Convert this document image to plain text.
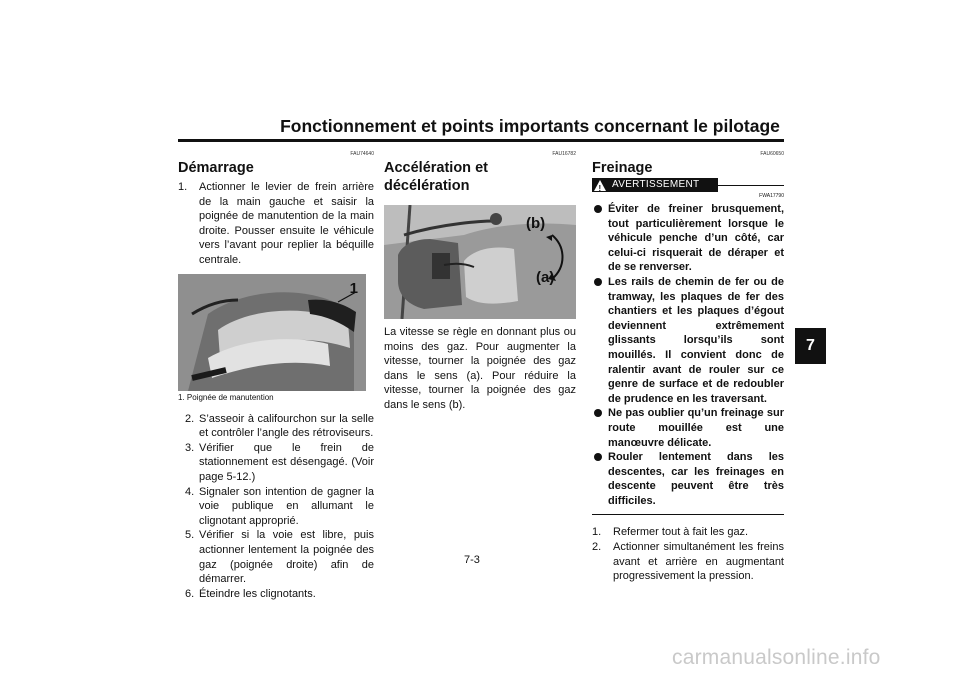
Fonctionnement et points importants concernant le pilotage
7
FAU74640
Démarrage
1. Actionner le levier de frein arrière de la main gauche et saisir la poignée de manutention de la main droite. Pousser ensuite le véhicule vers l’avant pour replier la béquille centrale.
1
1. Poignée de manutention
2. S’asseoir à califourchon sur la selle et contrôler l’angle des rétroviseurs.
3. Vérifier que le frein de stationnement est désengagé. (Voir page 5-12.)
4. Signaler son intention de gagner la voie publique en allumant le clignotant approprié.
5. Vérifier si la voie est libre, puis actionner lentement la poignée des gaz (poignée droite) afin de démarrer.
6. Éteindre les clignotants.
FAU16782
Accélération et décélération
(b)
(a)
La vitesse se règle en donnant plus ou moins des gaz. Pour augmenter la vitesse, tourner la poignée des gaz dans le sens (a). Pour réduire la vitesse, tourner la poignée des gaz dans le sens (b).
FAU60650
Freinage
! AVERTISSEMENT
FWA17790
Éviter de freiner brusquement, tout particulièrement lorsque le véhicule penche d’un côté, car celui-ci risquerait de déraper et de se renverser.
Les rails de chemin de fer ou de tramway, les plaques de fer des chantiers et les plaques d’égout deviennent extrêmement glissants lorsqu’ils sont mouillés. Il convient donc de ralentir avant de rouler sur ce genre de surface et de redoubler de prudence en les traversant.
Ne pas oublier qu’un freinage sur route mouillée est une manœuvre délicate.
Rouler lentement dans les descentes, car les freinages en descente peuvent être très difficiles.
1. Refermer tout à fait les gaz.
2. Actionner simultanément les freins avant et arrière en augmentant progressivement la pression.
7-3
carmanualsonline.info
